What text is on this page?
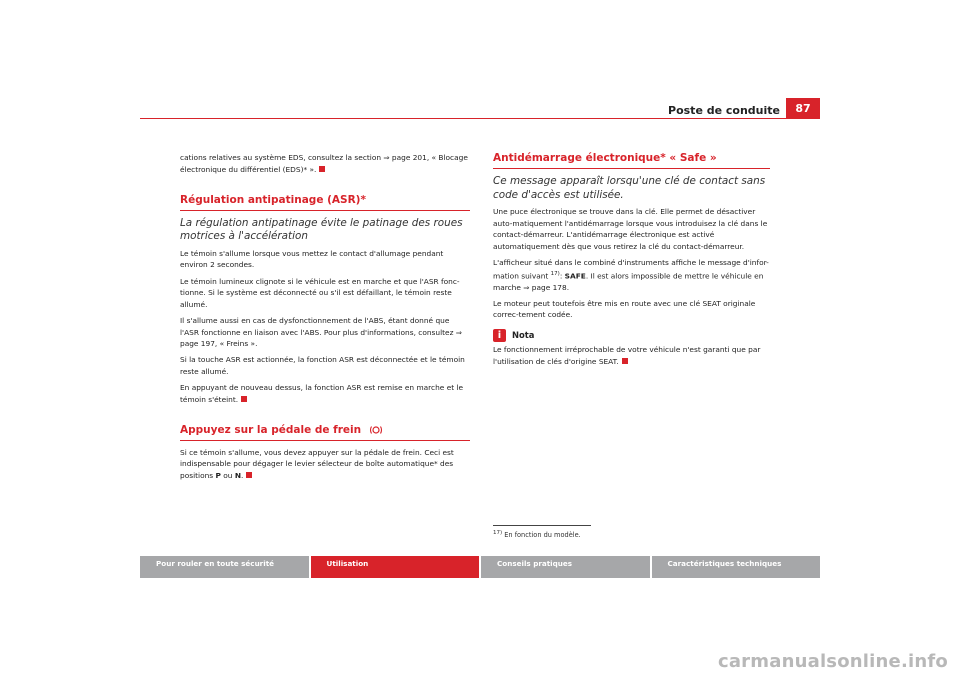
Poste de conduite	87

cations relatives au système EDS, consultez la section ⇒ page 201, « Blocage électronique du différentiel (EDS)* ».

Régulation antipatinage (ASR)*
La régulation antipatinage évite le patinage des roues motrices à l'accélération

Le témoin s'allume lorsque vous mettez le contact d'allumage pendant environ 2 secondes.

Le témoin lumineux clignote si le véhicule est en marche et que l'ASR fonc-tionne. Si le système est déconnecté ou s'il est défaillant, le témoin reste allumé.

Il s'allume aussi en cas de dysfonctionnement de l'ABS, étant donné que l'ASR fonctionne en liaison avec l'ABS. Pour plus d'informations, consultez ⇒ page 197, « Freins ».

Si la touche ASR est actionnée, la fonction ASR est déconnectée et le témoin reste allumé.

En appuyant de nouveau dessus, la fonction ASR est remise en marche et le témoin s'éteint.

Appuyez sur la pédale de frein

Si ce témoin s'allume, vous devez appuyer sur la pédale de frein. Ceci est indispensable pour dégager le levier sélecteur de boîte automatique* des positions P ou N.

Antidémarrage électronique* « Safe »
Ce message apparaît lorsqu'une clé de contact sans code d'accès est utilisée.

Une puce électronique se trouve dans la clé. Elle permet de désactiver auto-matiquement l'antidémarrage lorsque vous introduisez la clé dans le contact-démarreur. L'antidémarrage électronique est activé automatiquement dès que vous retirez la clé du contact-démarreur.

L'afficheur situé dans le combiné d'instruments affiche le message d'infor-mation suivant $^{17)}$: SAFE. Il est alors impossible de mettre le véhicule en marche ⇒ page 178.

Le moteur peut toutefois être mis en route avec une clé SEAT originale correc-tement codée.

i	Nota

Le fonctionnement irréprochable de votre véhicule n'est garanti que par l'utilisation de clés d'origine SEAT.

$^{17)}$ En fonction du modèle.
Pour rouler en toute sécurité	Utilisation	Conseils pratiques	Caractéristiques techniques
carmanualsonline.info
